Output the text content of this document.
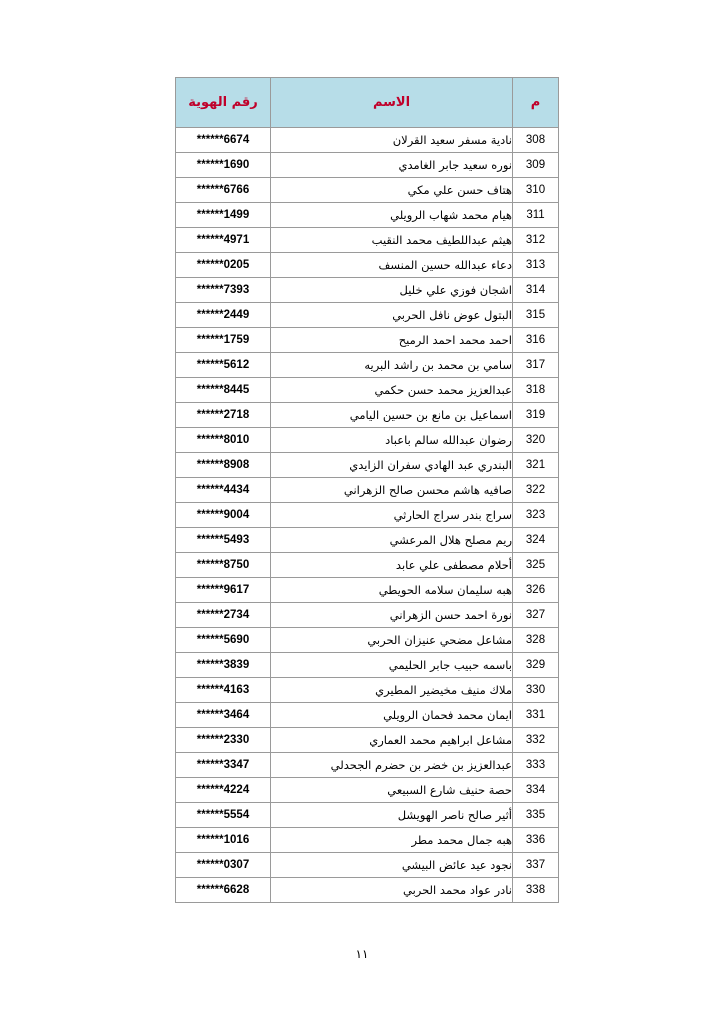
م	الاسم	رقم الهوية
308	نادية مسفر سعيد القرلان	******6674
309	نوره سعيد جابر الغامدي	******1690
310	هتاف حسن علي مكي	******6766
311	هيام محمد شهاب الرويلي	******1499
312	هيثم عبداللطيف محمد النقيب	******4971
313	دعاء عبدالله حسين المنسف	******0205
314	اشجان فوزي علي خليل	******7393
315	البتول عوض نافل الحربي	******2449
316	احمد محمد احمد الرميح	******1759
317	سامي بن محمد بن راشد البريه	******5612
318	عبدالعزيز محمد حسن حكمي	******8445
319	اسماعيل بن مانع بن حسين اليامي	******2718
320	رضوان عبدالله سالم باعباد	******8010
321	البندري عبد الهادي سفران الزايدي	******8908
322	صافيه هاشم محسن صالح الزهراني	******4434
323	سراج بندر سراج الحارثي	******9004
324	ريم مصلح هلال المرعشي	******5493
325	أحلام مصطفى علي عابد	******8750
326	هبه سليمان سلامه الحويطي	******9617
327	نورة احمد حسن الزهراني	******2734
328	مشاعل مضحي عنيزان الحربي	******5690
329	باسمه حبيب جابر الحليمي	******3839
330	ملاك منيف مخيضير المطيري	******4163
331	ايمان محمد فحمان الرويلي	******3464
332	مشاعل ابراهيم محمد العماري	******2330
333	عبدالعزيز بن خضر بن حضرم الجحدلي	******3347
334	حصة حنيف شارع السبيعي	******4224
335	أثير صالح ناصر الهويشل	******5554
336	هبه جمال محمد مطر	******1016
337	نجود عيد عائض البيشي	******0307
338	نادر عواد محمد الحربي	******6628
١١
